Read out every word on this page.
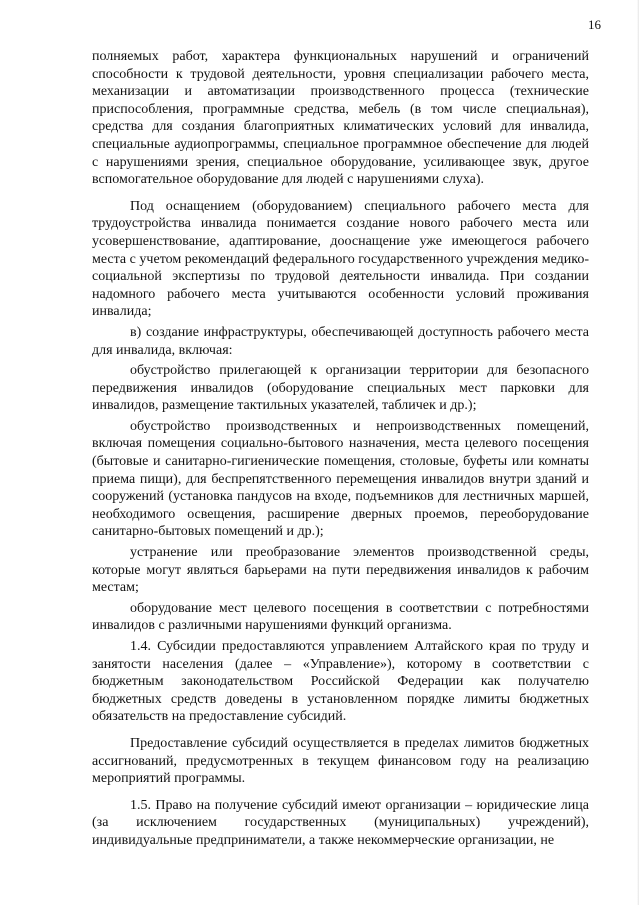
16

полняемых работ, характера функциональных нарушений и ограничений способности к трудовой деятельности, уровня специализации рабочего места, механизации и автоматизации производственного процесса (технические приспособления, программные средства, мебель (в том числе специальная), средства для создания благоприятных климатических условий для инвалида, специальные аудиопрограммы, специальное программное обеспечение для людей с нарушениями зрения, специальное оборудование, усиливающее звук, другое вспомогательное оборудование для людей с нарушениями слуха).

Под оснащением (оборудованием) специального рабочего места для трудоустройства инвалида понимается создание нового рабочего места или усовершенствование, адаптирование, дооснащение уже имеющегося рабочего места с учетом рекомендаций федерального государственного учреждения медико-социальной экспертизы по трудовой деятельности инвалида. При создании надомного рабочего места учитываются особенности условий проживания инвалида;

в) создание инфраструктуры, обеспечивающей доступность рабочего места для инвалида, включая:

обустройство прилегающей к организации территории для безопасного передвижения инвалидов (оборудование специальных мест парковки для инвалидов, размещение тактильных указателей, табличек и др.);

обустройство производственных и непроизводственных помещений, включая помещения социально-бытового назначения, места целевого посещения (бытовые и санитарно-гигиенические помещения, столовые, буфеты или комнаты приема пищи), для беспрепятственного перемещения инвалидов внутри зданий и сооружений (установка пандусов на входе, подъемников для лестничных маршей, необходимого освещения, расширение дверных проемов, переоборудование санитарно-бытовых помещений и др.);

устранение или преобразование элементов производственной среды, которые могут являться барьерами на пути передвижения инвалидов к рабочим местам;

оборудование мест целевого посещения в соответствии с потребностями инвалидов с различными нарушениями функций организма.

1.4. Субсидии предоставляются управлением Алтайского края по труду и занятости населения (далее – «Управление»), которому в соответствии с бюджетным законодательством Российской Федерации как получателю бюджетных средств доведены в установленном порядке лимиты бюджетных обязательств на предоставление субсидий.

Предоставление субсидий осуществляется в пределах лимитов бюджетных ассигнований, предусмотренных в текущем финансовом году на реализацию мероприятий программы.

1.5. Право на получение субсидий имеют организации – юридические лица (за исключением государственных (муниципальных) учреждений), индивидуальные предприниматели, а также некоммерческие организации, не
